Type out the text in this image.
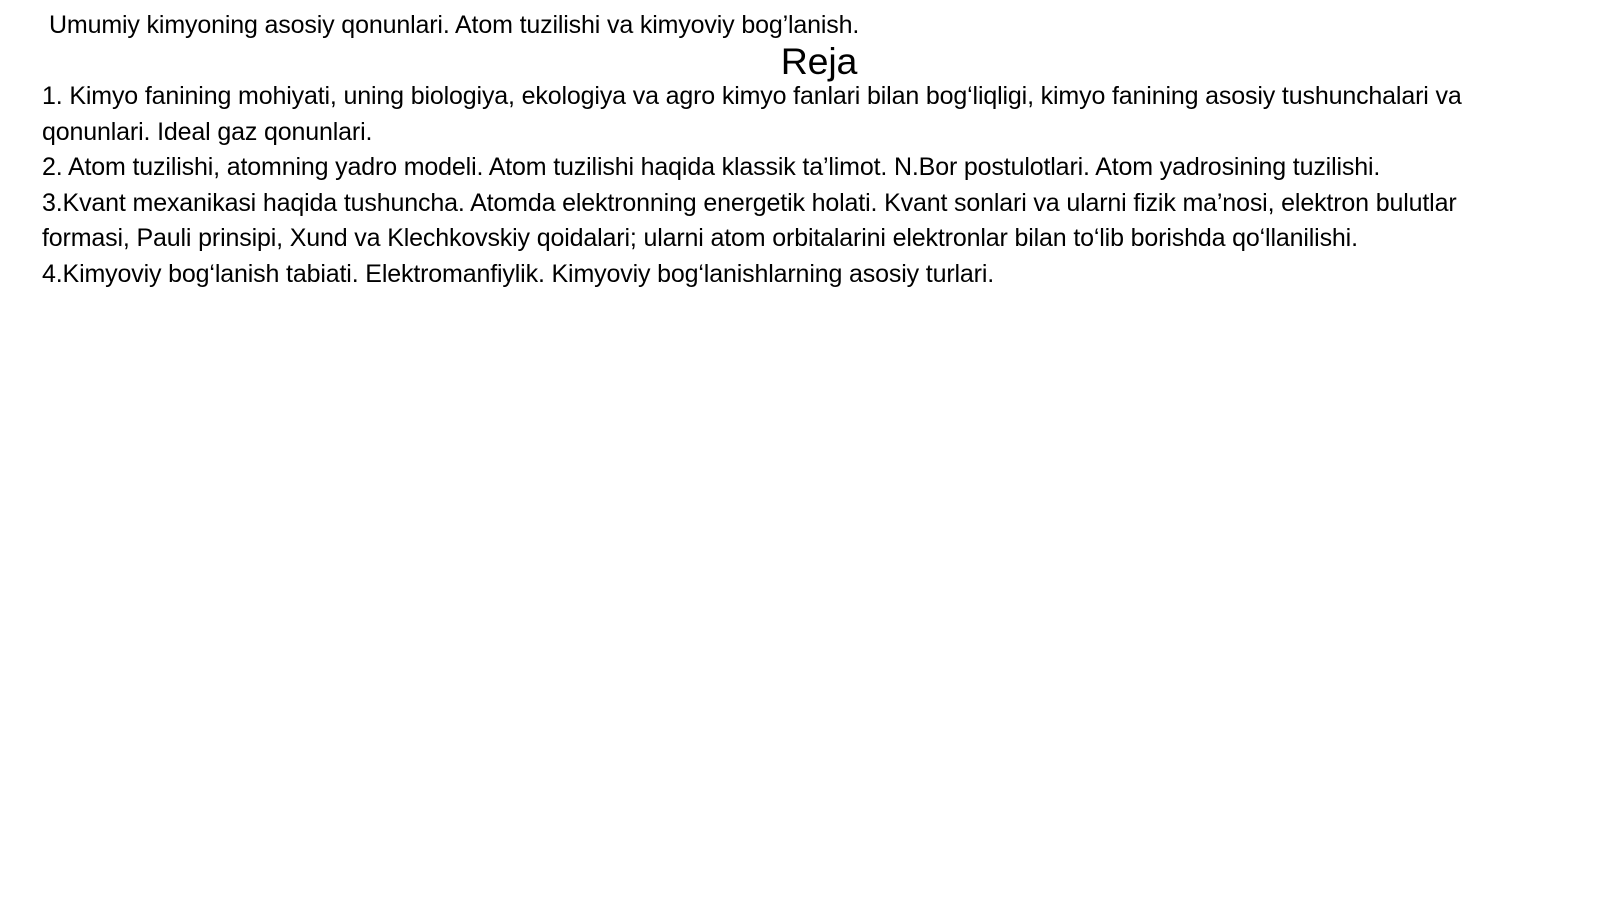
Umumiy kimyoning asosiy qonunlari. Atom tuzilishi va kimyoviy bog’lanish.
Reja
1. Kimyo fanining mohiyati, uning biologiya, ekologiya va agro kimyo fanlari bilan bog‘liqligi, kimyo fanining asosiy tushunchalari va qonunlari. Ideal gaz qonunlari.
2. Atom tuzilishi, atomning yadro modeli. Atom tuzilishi haqida klassik ta’limot. N.Bor postulotlari. Atom yadrosining tuzilishi.
3.Kvant mexanikasi haqida tushuncha. Atomda elektronning energetik holati. Kvant sonlari va ularni fizik ma’nosi, elektron bulutlar formasi, Pauli prinsipi, Xund va Klechkovskiy qoidalari; ularni atom orbitalarini elektronlar bilan to‘lib borishda qo‘llanilishi.
4.Kimyoviy bog‘lanish tabiati. Elektromanfiylik. Kimyoviy bog‘lanishlarning asosiy turlari.
